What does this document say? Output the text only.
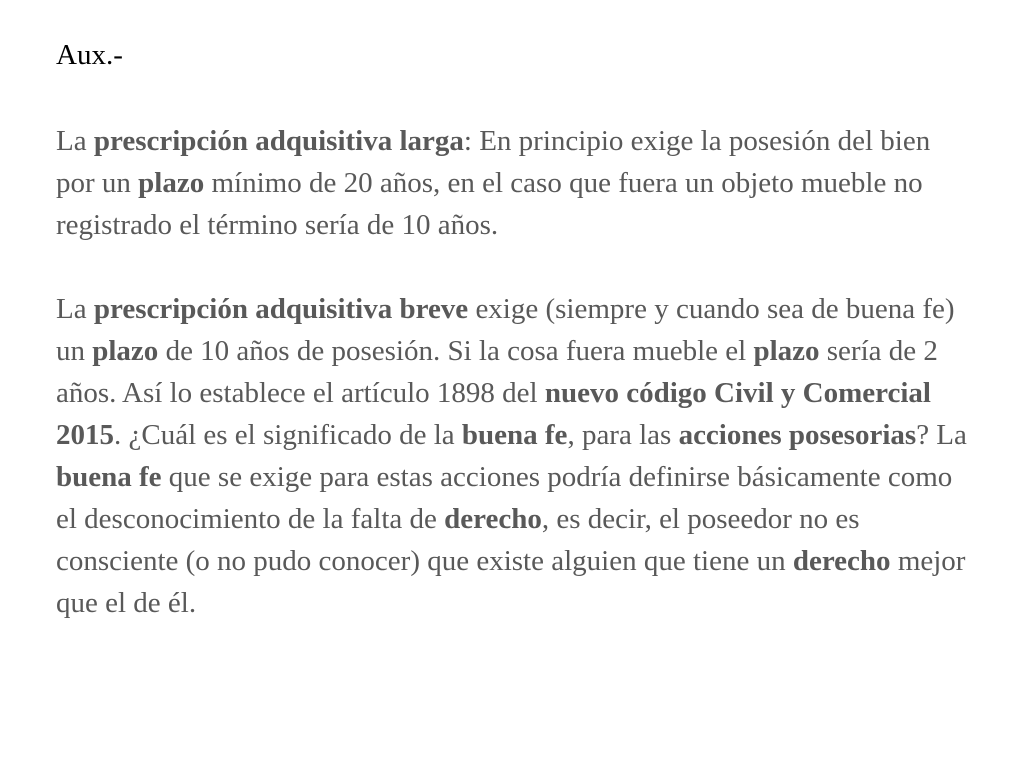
Aux.-

La prescripción adquisitiva larga: En principio exige la posesión del bien por un plazo mínimo de 20 años, en el caso que fuera un objeto mueble no registrado el término sería de 10 años.

La prescripción adquisitiva breve exige (siempre y cuando sea de buena fe) un plazo de 10 años de posesión. Si la cosa fuera mueble el plazo sería de 2 años. Así lo establece el artículo 1898 del nuevo código Civil y Comercial 2015. ¿Cuál es el significado de la buena fe, para las acciones posesorias? La buena fe que se exige para estas acciones podría definirse básicamente como el desconocimiento de la falta de derecho, es decir, el poseedor no es consciente (o no pudo conocer) que existe alguien que tiene un derecho mejor que el de él.
